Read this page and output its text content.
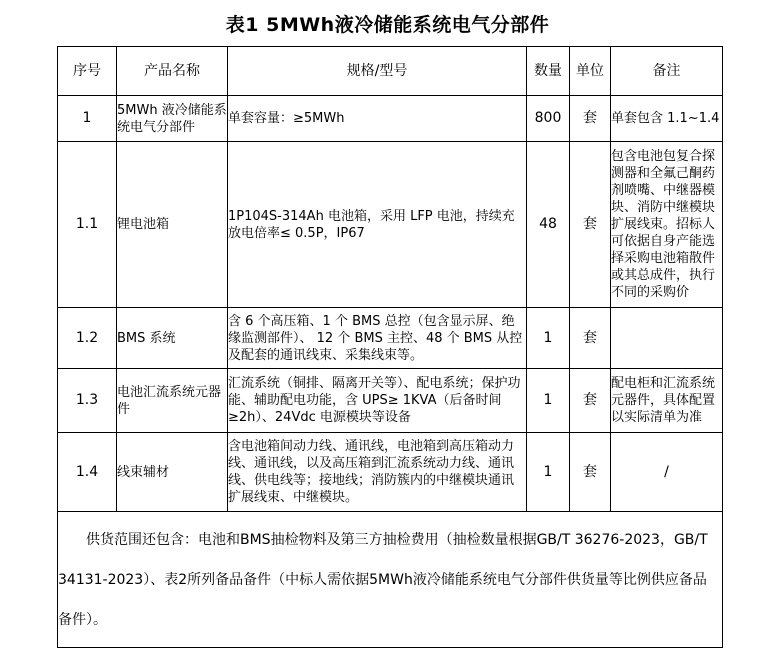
表1 5MWh液冷储能系统电气分部件
序号	产品名称	规格/型号	数量	单位	备注
1	5MWh 液冷储能系统电气分部件	单套容量：≥5MWh	800	套	单套包含 1.1~1.4
1.1	锂电池箱	1P104S-314Ah 电池箱，采用 LFP 电池，持续充放电倍率≤ 0.5P，IP67	48	套	包含电池包复合探测器和全氟己酮药剂喷嘴、中继器模块、消防中继模块扩展线束。招标人可依据自身产能选择采购电池箱散件或其总成件，执行不同的采购价
1.2	BMS 系统	含 6 个高压箱、1 个 BMS 总控（包含显示屏、绝缘监测部件）、 12 个 BMS 主控、48 个 BMS 从控及配套的通讯线束、采集线束等。	1	套	
1.3	电池汇流系统元器件	汇流系统（铜排、隔离开关等）、配电系统；保护功能、辅助配电功能，含 UPS≥ 1KVA（后备时间≥2h）、24Vdc 电源模块等设备	1	套	配电柜和汇流系统元器件，具体配置以实际清单为准
1.4	线束辅材	含电池箱间动力线、通讯线，电池箱到高压箱动力线、通讯线，以及高压箱到汇流系统动力线、通讯线、供电线等；接地线；消防簇内的中继模块通讯扩展线束、中继模块。	1	套	/

供货范围还包含：电池和BMS抽检物料及第三方抽检费用（抽检数量根据GB/T 36276-2023，GB/T 34131-2023）、表2所列备品备件（中标人需依据5MWh液冷储能系统电气分部件供货量等比例供应备品备件）。					
